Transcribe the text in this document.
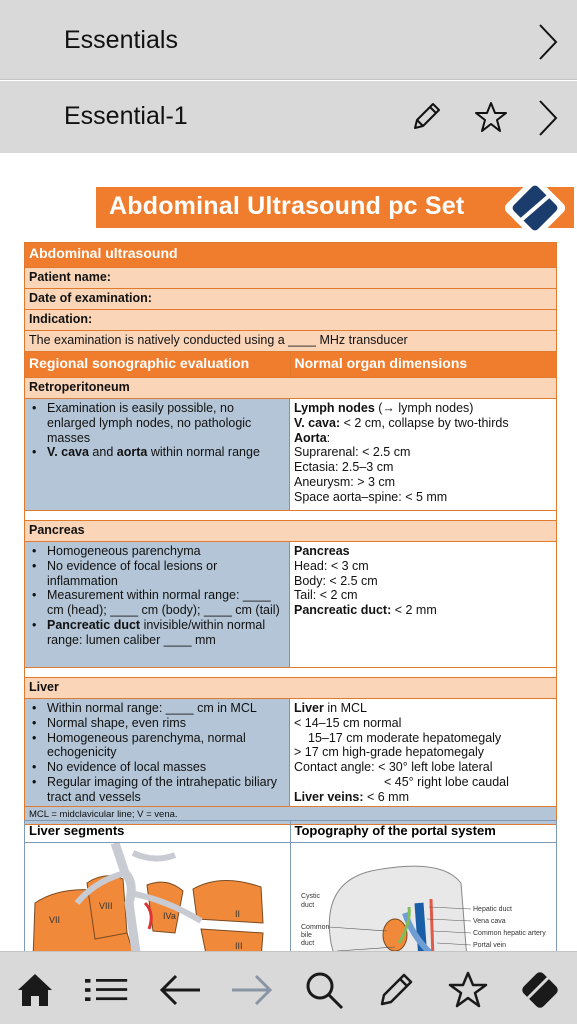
Essentials
Essential-1
Abdominal Ultrasound pc Set
Abdominal ultrasound
Patient name:
Date of examination:
Indication:
The examination is natively conducted using a ____ MHz transducer
Regional sonographic evaluation	Normal organ dimensions
Retroperitoneum
• Examination is easily possible, no enlarged lymph nodes, no pathologic masses
• V. cava and aorta within normal range
Lymph nodes (→ lymph nodes)
V. cava: < 2 cm, collapse by two-thirds
Aorta:
Suprarenal: < 2.5 cm
Ectasia: 2.5–3 cm
Aneurysm: > 3 cm
Space aorta–spine: < 5 mm
Pancreas
• Homogeneous parenchyma
• No evidence of focal lesions or inflammation
• Measurement within normal range: ____ cm (head); ____ cm (body); ____ cm (tail)
• Pancreatic duct invisible/within normal range: lumen caliber ____ mm
Pancreas
Head: < 3 cm
Body: < 2.5 cm
Tail: < 2 cm
Pancreatic duct: < 2 mm
Liver
• Within normal range: ____ cm in MCL
• Normal shape, even rims
• Homogeneous parenchyma, normal echogenicity
• No evidence of local masses
• Regular imaging of the intrahepatic biliary tract and vessels
Liver in MCL
< 14–15 cm normal
15–17 cm moderate hepatomegaly
> 17 cm high-grade hepatomegaly
Contact angle: < 30° left lobe lateral
< 45° right lobe caudal
Liver veins: < 6 mm
MCL = midclavicular line; V = vena.
Liver segments
VII
VIII
IVa	II
III
Topography of the portal system
Cystic
duct
Common
bile
duct
Hepatic duct
Vena cava
Common hepatic artery
Portal vein
